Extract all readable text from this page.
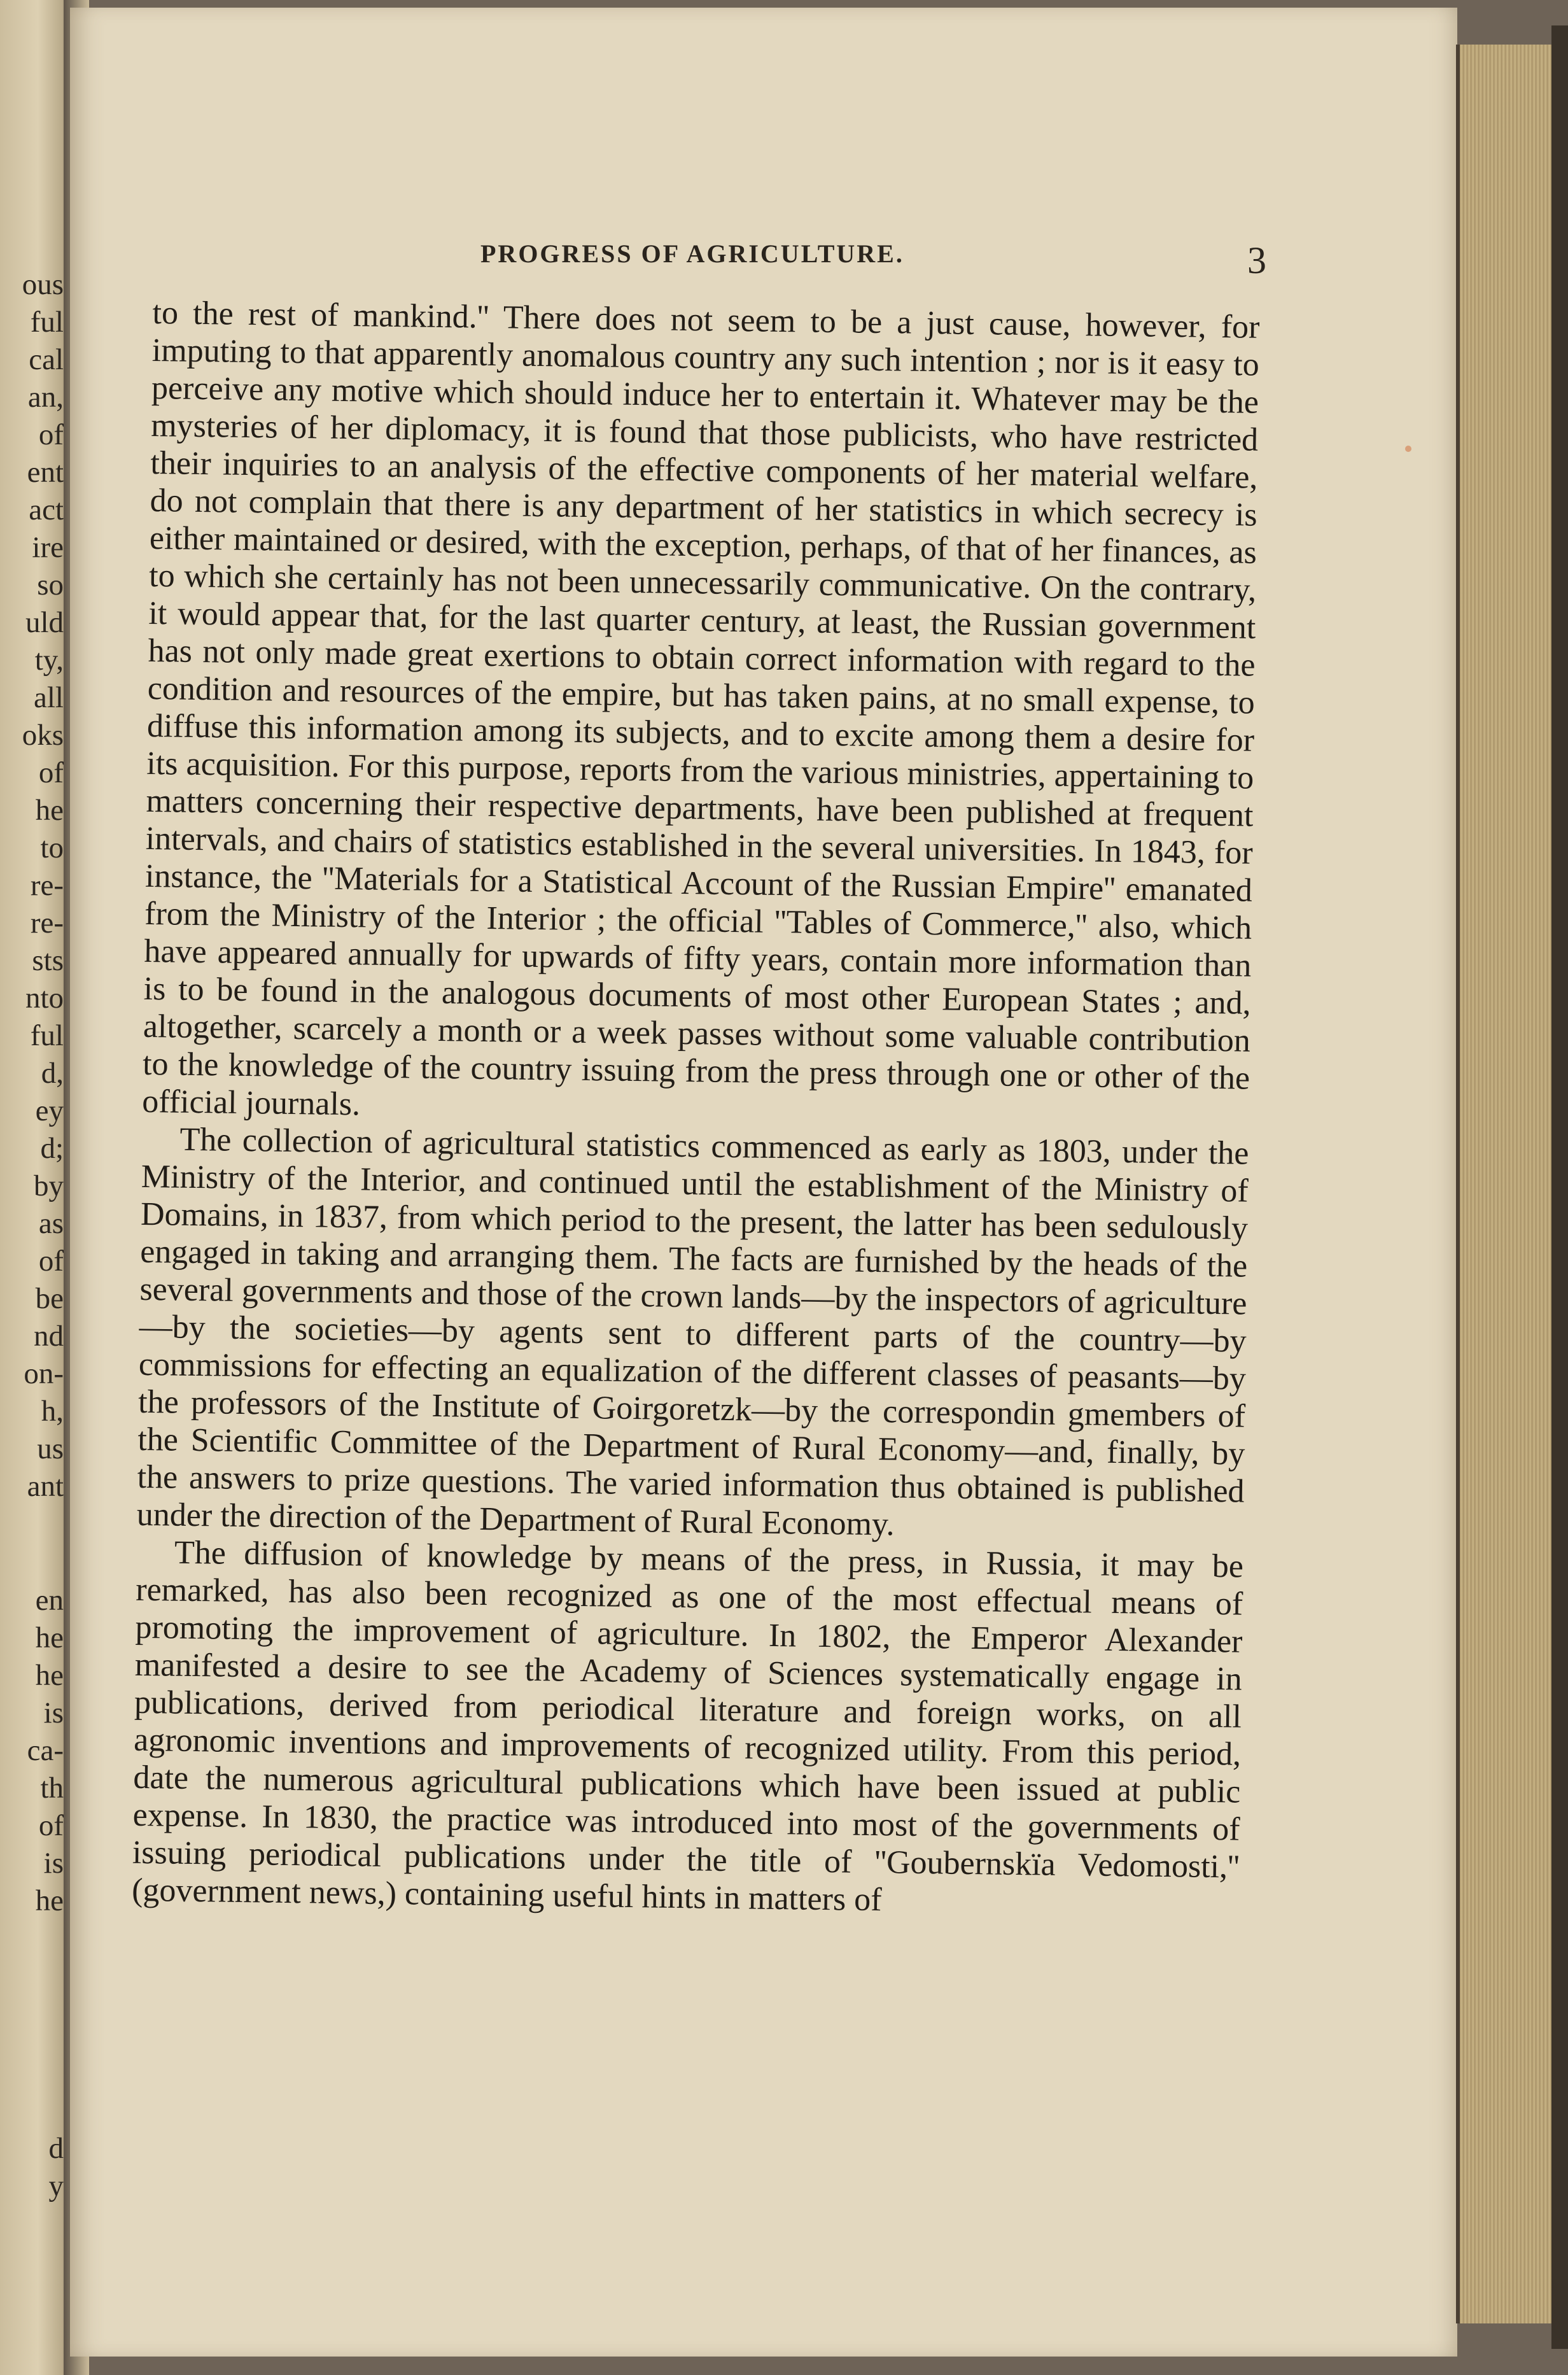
ous
ful
cal
an,
of
ent
act
ire
so
uld
ty,
all
oks
of
he
to
re-
re-
sts
nto
ful
d,
ey
d;
by
as
of
be
nd
on-
h,
us
ant
en
he
he
is
ca-
th
of
is
he
d
y
PROGRESS OF AGRICULTURE.	3

to the rest of mankind.'' There does not seem to be a just cause, however, for imputing to that apparently anomalous country any such intention ; nor is it easy to perceive any motive which should induce her to entertain it. Whatever may be the mysteries of her diplomacy, it is found that those publicists, who have restricted their inquiries to an analysis of the effective components of her material welfare, do not complain that there is any department of her statistics in which secrecy is either maintained or desired, with the exception, perhaps, of that of her finances, as to which she certainly has not been unnecessarily communicative. On the contrary, it would appear that, for the last quarter century, at least, the Russian government has not only made great exertions to obtain correct information with regard to the condition and resources of the empire, but has taken pains, at no small expense, to diffuse this information among its subjects, and to excite among them a desire for its acquisition. For this purpose, reports from the various ministries, appertaining to matters concerning their respective departments, have been published at frequent intervals, and chairs of statistics established in the several universities. In 1843, for instance, the ''Materials for a Statistical Account of the Russian Empire'' emanated from the Ministry of the Interior ; the official ''Tables of Commerce,'' also, which have appeared annually for upwards of fifty years, contain more information than is to be found in the analogous documents of most other European States ; and, altogether, scarcely a month or a week passes without some valuable contribution to the knowledge of the country issuing from the press through one or other of the official journals.

The collection of agricultural statistics commenced as early as 1803, under the Ministry of the Interior, and continued until the establishment of the Ministry of Domains, in 1837, from which period to the present, the latter has been sedulously engaged in taking and arranging them. The facts are furnished by the heads of the several governments and those of the crown lands—by the inspectors of agriculture—by the societies—by agents sent to different parts of the country—by commissions for effecting an equalization of the different classes of peasants—by the professors of the Institute of Goirgoretzk—by the correspondin gmembers of the Scientific Committee of the Department of Rural Economy—and, finally, by the answers to prize questions. The varied information thus obtained is published under the direction of the Department of Rural Economy.

The diffusion of knowledge by means of the press, in Russia, it may be remarked, has also been recognized as one of the most effectual means of promoting the improvement of agriculture. In 1802, the Emperor Alexander manifested a desire to see the Academy of Sciences systematically engage in publications, derived from periodical literature and foreign works, on all agronomic inventions and improvements of recognized utility. From this period, date the numerous agricultural publications which have been issued at public expense. In 1830, the practice was introduced into most of the governments of issuing periodical publications under the title of ''Goubernskïa Vedomosti,'' (government news,) containing useful hints in matters of
